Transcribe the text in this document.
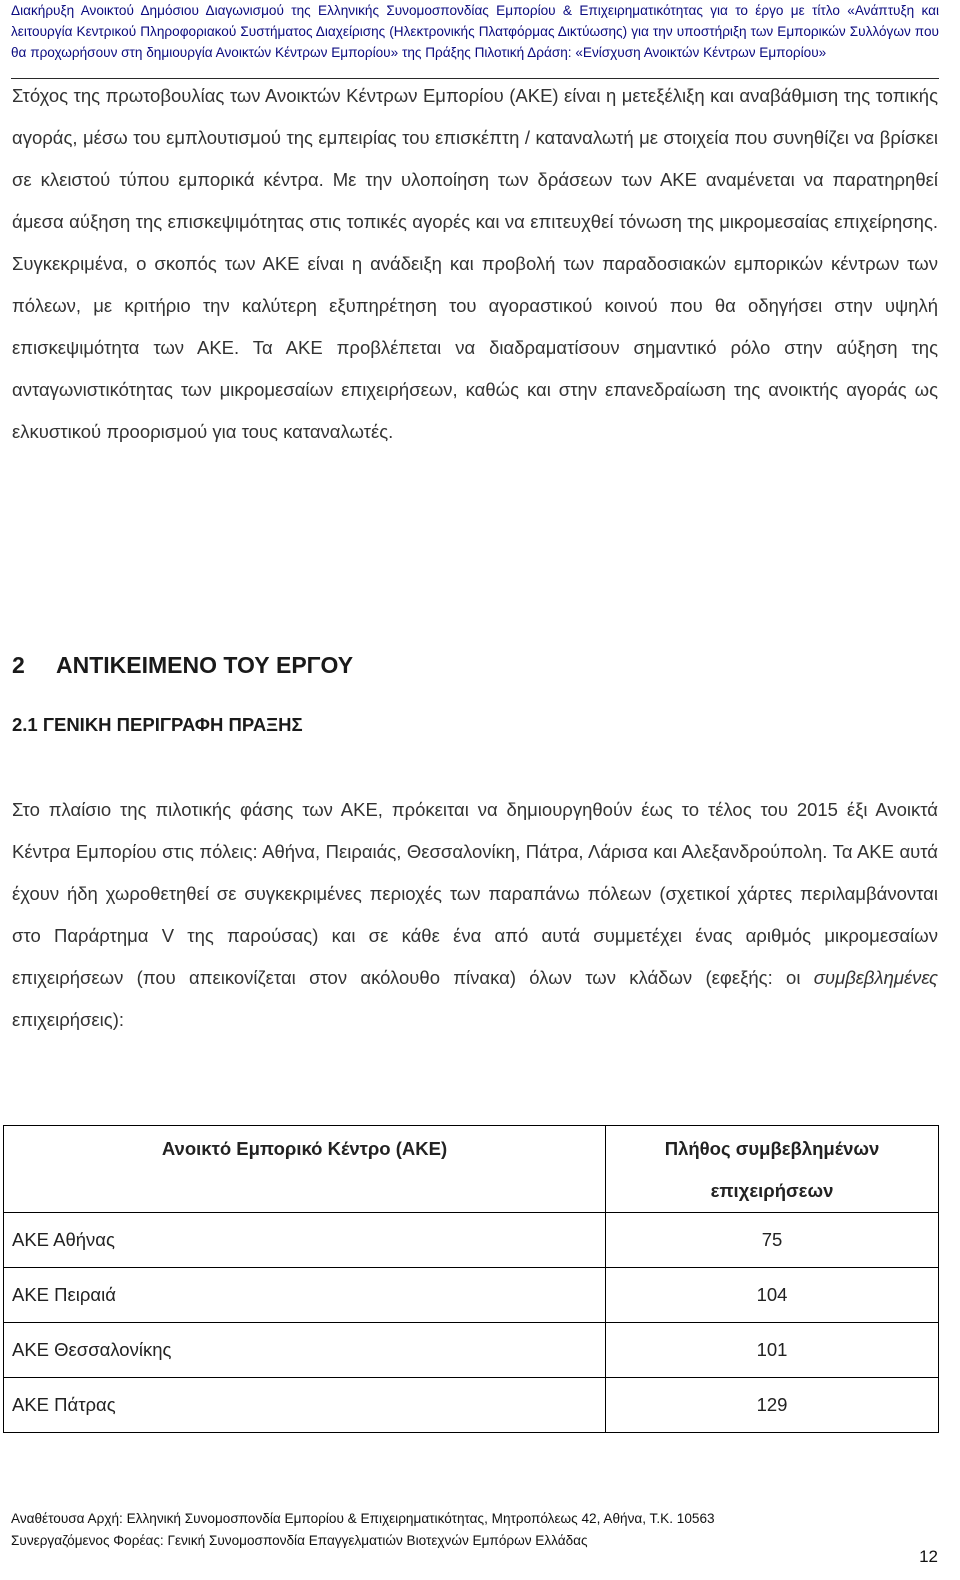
Διακήρυξη Ανοικτού Δημόσιου Διαγωνισμού της Ελληνικής Συνομοσπονδίας Εμπορίου & Επιχειρηματικότητας για το έργο με τίτλο «Ανάπτυξη και λειτουργία Κεντρικού Πληροφοριακού Συστήματος Διαχείρισης (Ηλεκτρονικής Πλατφόρμας Δικτύωσης) για την υποστήριξη των Εμπορικών Συλλόγων που θα προχωρήσουν στη δημιουργία Ανοικτών Κέντρων Εμπορίου» της Πράξης Πιλοτική Δράση: «Ενίσχυση Ανοικτών Κέντρων Εμπορίου»

Στόχος της πρωτοβουλίας των Ανοικτών Κέντρων Εμπορίου (ΑΚΕ) είναι η μετεξέλιξη και αναβάθμιση της τοπικής αγοράς, μέσω του εμπλουτισμού της εμπειρίας του επισκέπτη / καταναλωτή με στοιχεία που συνηθίζει να βρίσκει σε κλειστού τύπου εμπορικά κέντρα. Με την υλοποίηση των δράσεων των ΑΚΕ αναμένεται να παρατηρηθεί άμεσα αύξηση της επισκεψιμότητας στις τοπικές αγορές και να επιτευχθεί τόνωση της μικρομεσαίας επιχείρησης. Συγκεκριμένα, ο σκοπός των ΑΚΕ είναι η ανάδειξη και προβολή των παραδοσιακών εμπορικών κέντρων των πόλεων, με κριτήριο την καλύτερη εξυπηρέτηση του αγοραστικού κοινού που θα οδηγήσει στην υψηλή επισκεψιμότητα των ΑΚΕ. Τα ΑΚΕ προβλέπεται να διαδραματίσουν σημαντικό ρόλο στην αύξηση της ανταγωνιστικότητας των μικρομεσαίων επιχειρήσεων, καθώς και στην επανεδραίωση της ανοικτής αγοράς ως ελκυστικού προορισμού για τους καταναλωτές.

2 ΑΝΤΙΚΕΙΜΕΝΟ ΤΟΥ ΕΡΓΟΥ
2.1 ΓΕΝΙΚΗ ΠΕΡΙΓΡΑΦΗ ΠΡΑΞΗΣ

Στο πλαίσιο της πιλοτικής φάσης των ΑΚΕ, πρόκειται να δημιουργηθούν έως το τέλος του 2015 έξι Ανοικτά Κέντρα Εμπορίου στις πόλεις: Αθήνα, Πειραιάς, Θεσσαλονίκη, Πάτρα, Λάρισα και Αλεξανδρούπολη. Τα ΑΚΕ αυτά έχουν ήδη χωροθετηθεί σε συγκεκριμένες περιοχές των παραπάνω πόλεων (σχετικοί χάρτες περιλαμβάνονται στο Παράρτημα V της παρούσας) και σε κάθε ένα από αυτά συμμετέχει ένας αριθμός μικρομεσαίων επιχειρήσεων (που απεικονίζεται στον ακόλουθο πίνακα) όλων των κλάδων (εφεξής: οι συμβεβλημένες επιχειρήσεις):

Ανοικτό Εμπορικό Κέντρο (ΑΚΕ)	Πλήθος συμβεβλημένων επιχειρήσεων
ΑΚΕ Αθήνας	75
ΑΚΕ Πειραιά	104
ΑΚΕ Θεσσαλονίκης	101
ΑΚΕ Πάτρας	129
Αναθέτουσα Αρχή: Ελληνική Συνομοσπονδία Εμπορίου & Επιχειρηματικότητας, Μητροπόλεως 42, Αθήνα, Τ.Κ. 10563
Συνεργαζόμενος Φορέας: Γενική Συνομοσπονδία Επαγγελματιών Βιοτεχνών Εμπόρων Ελλάδας
12
